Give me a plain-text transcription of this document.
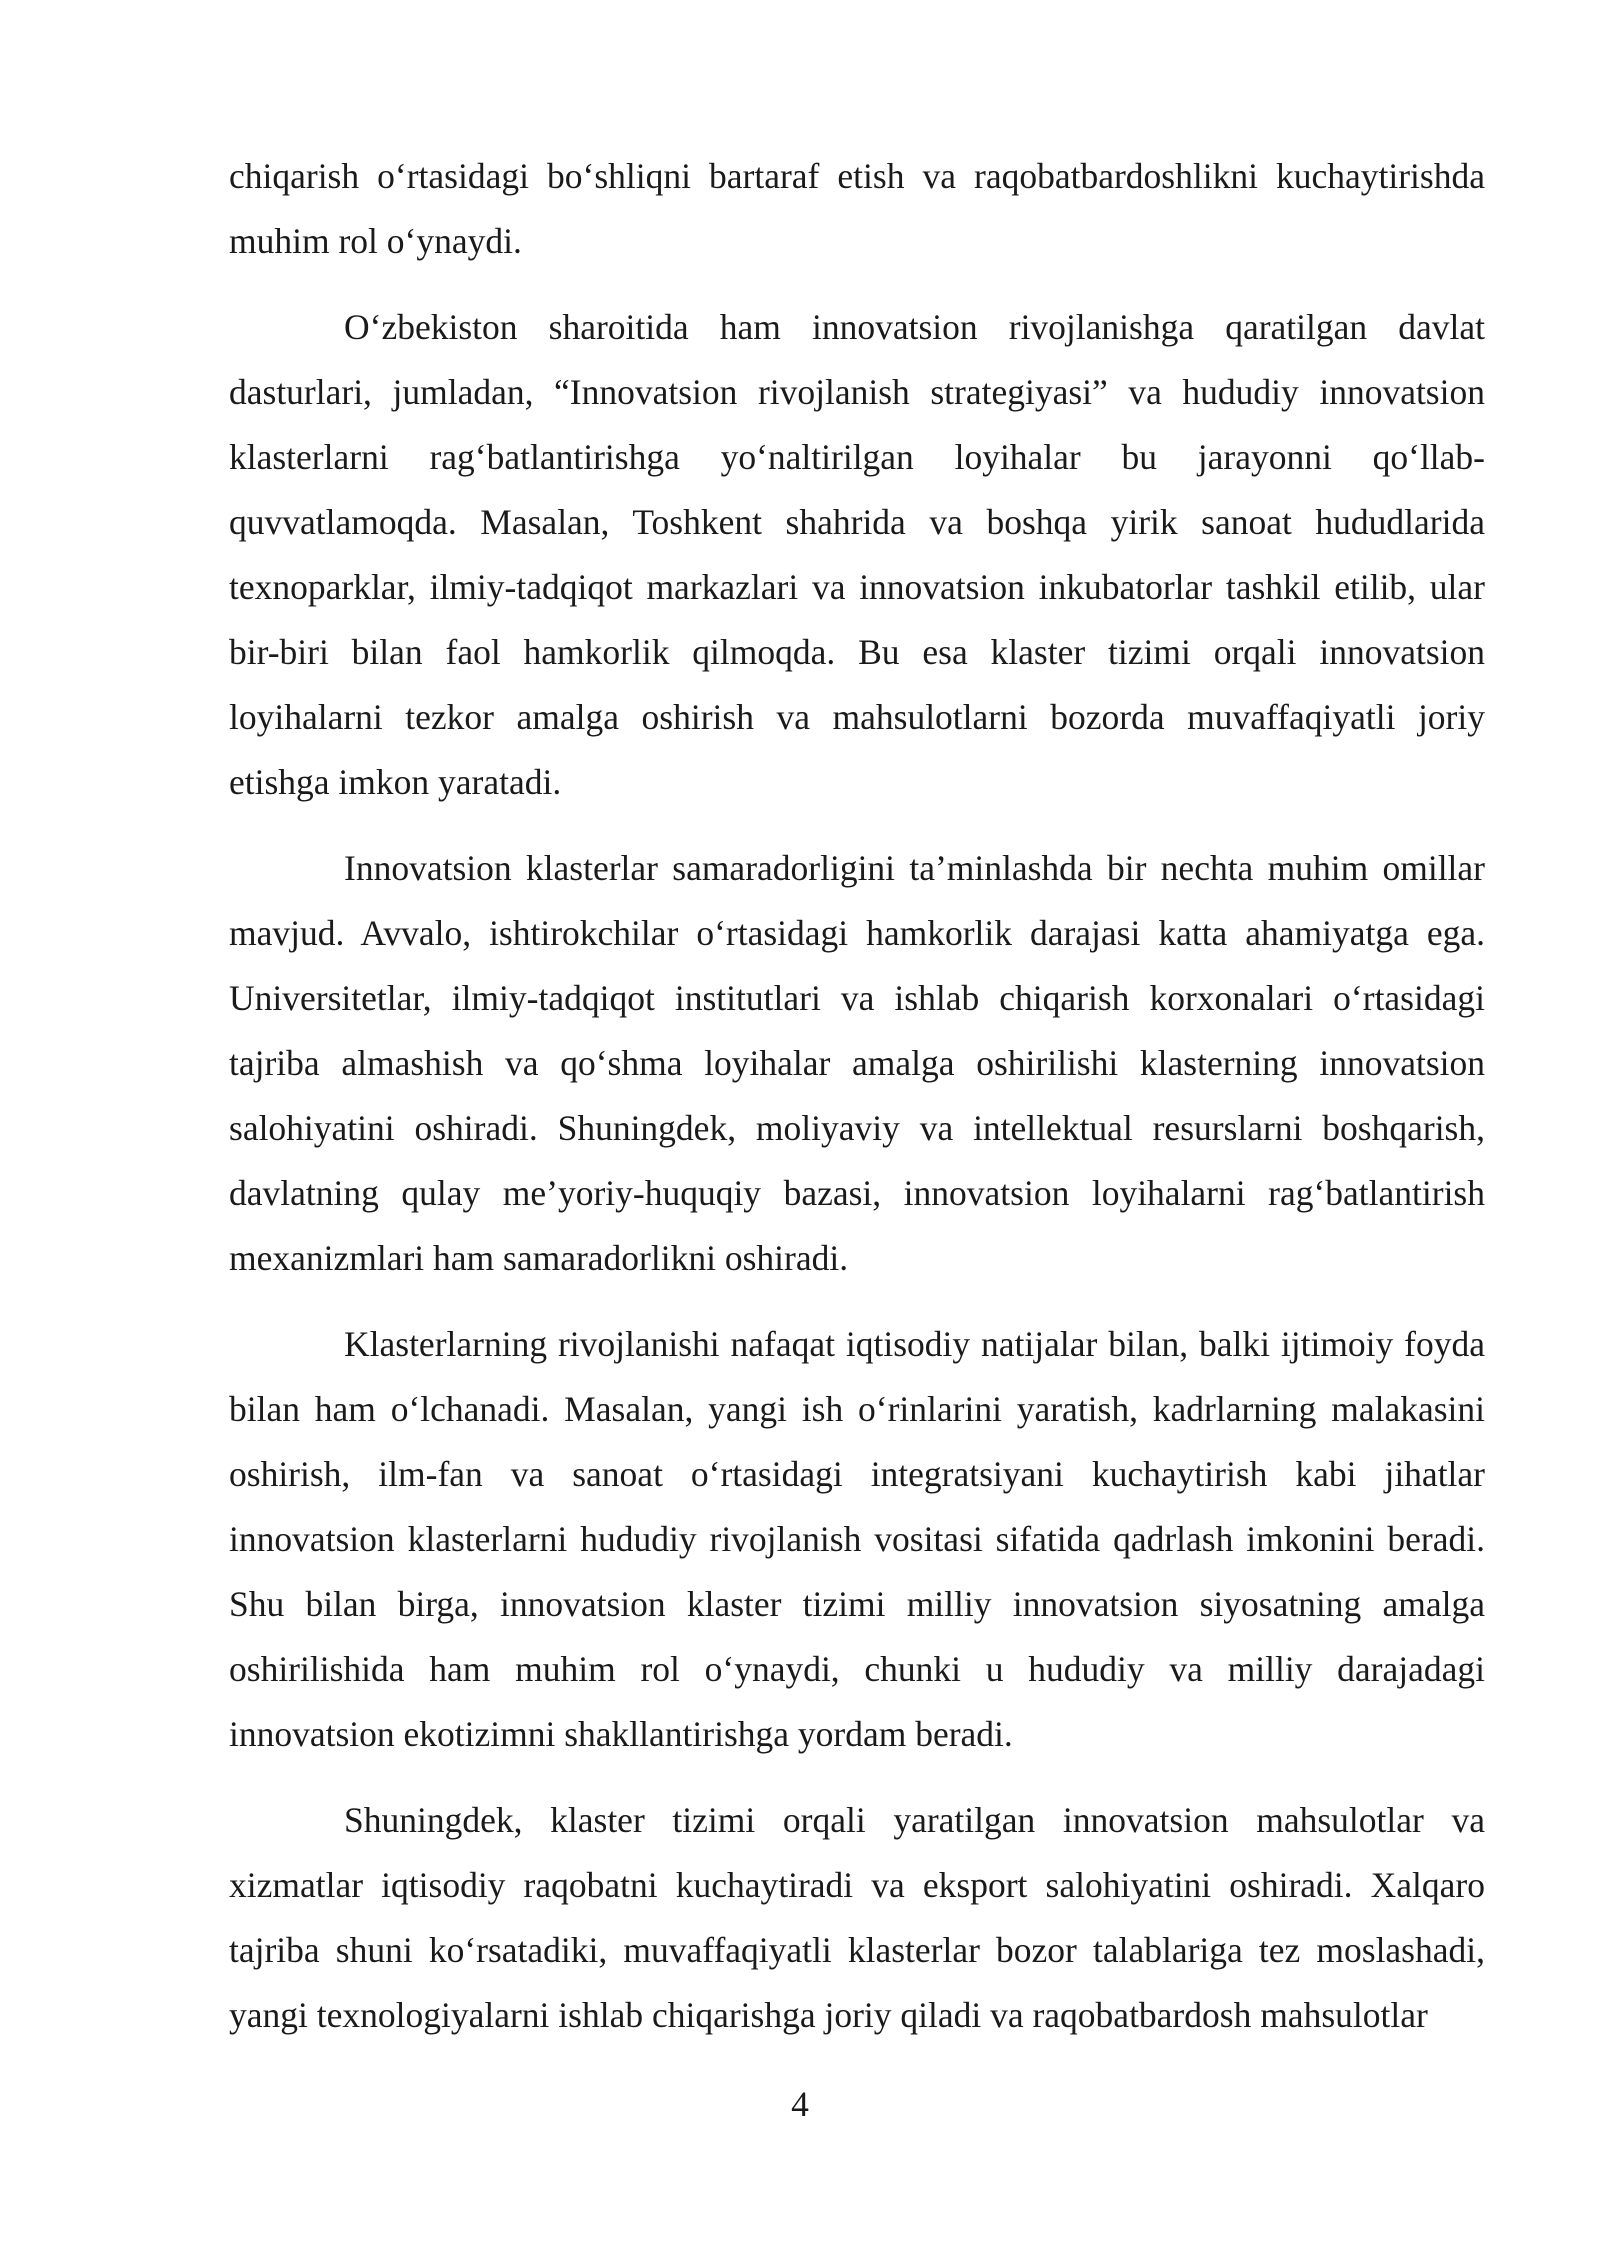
chiqarish o‘rtasidagi bo‘shliqni bartaraf etish va raqobatbardoshlikni kuchaytirishda muhim rol o‘ynaydi.

O‘zbekiston sharoitida ham innovatsion rivojlanishga qaratilgan davlat dasturlari, jumladan, “Innovatsion rivojlanish strategiyasi” va hududiy innovatsion klasterlarni rag‘batlantirishga yo‘naltirilgan loyihalar bu jarayonni qo‘llab-quvvatlamoqda. Masalan, Toshkent shahrida va boshqa yirik sanoat hududlarida texnoparklar, ilmiy-tadqiqot markazlari va innovatsion inkubatorlar tashkil etilib, ular bir-biri bilan faol hamkorlik qilmoqda. Bu esa klaster tizimi orqali innovatsion loyihalarni tezkor amalga oshirish va mahsulotlarni bozorda muvaffaqiyatli joriy etishga imkon yaratadi.

Innovatsion klasterlar samaradorligini ta’minlashda bir nechta muhim omillar mavjud. Avvalo, ishtirokchilar o‘rtasidagi hamkorlik darajasi katta ahamiyatga ega. Universitetlar, ilmiy-tadqiqot institutlari va ishlab chiqarish korxonalari o‘rtasidagi tajriba almashish va qo‘shma loyihalar amalga oshirilishi klasterning innovatsion salohiyatini oshiradi. Shuningdek, moliyaviy va intellektual resurslarni boshqarish, davlatning qulay me’yoriy-huquqiy bazasi, innovatsion loyihalarni rag‘batlantirish mexanizmlari ham samaradorlikni oshiradi.

Klasterlarning rivojlanishi nafaqat iqtisodiy natijalar bilan, balki ijtimoiy foyda bilan ham o‘lchanadi. Masalan, yangi ish o‘rinlarini yaratish, kadrlarning malakasini oshirish, ilm-fan va sanoat o‘rtasidagi integratsiyani kuchaytirish kabi jihatlar innovatsion klasterlarni hududiy rivojlanish vositasi sifatida qadrlash imkonini beradi. Shu bilan birga, innovatsion klaster tizimi milliy innovatsion siyosatning amalga oshirilishida ham muhim rol o‘ynaydi, chunki u hududiy va milliy darajadagi innovatsion ekotizimni shakllantirishga yordam beradi.

Shuningdek, klaster tizimi orqali yaratilgan innovatsion mahsulotlar va xizmatlar iqtisodiy raqobatni kuchaytiradi va eksport salohiyatini oshiradi. Xalqaro tajriba shuni ko‘rsatadiki, muvaffaqiyatli klasterlar bozor talablariga tez moslashadi, yangi texnologiyalarni ishlab chiqarishga joriy qiladi va raqobatbardosh mahsulotlar

4
